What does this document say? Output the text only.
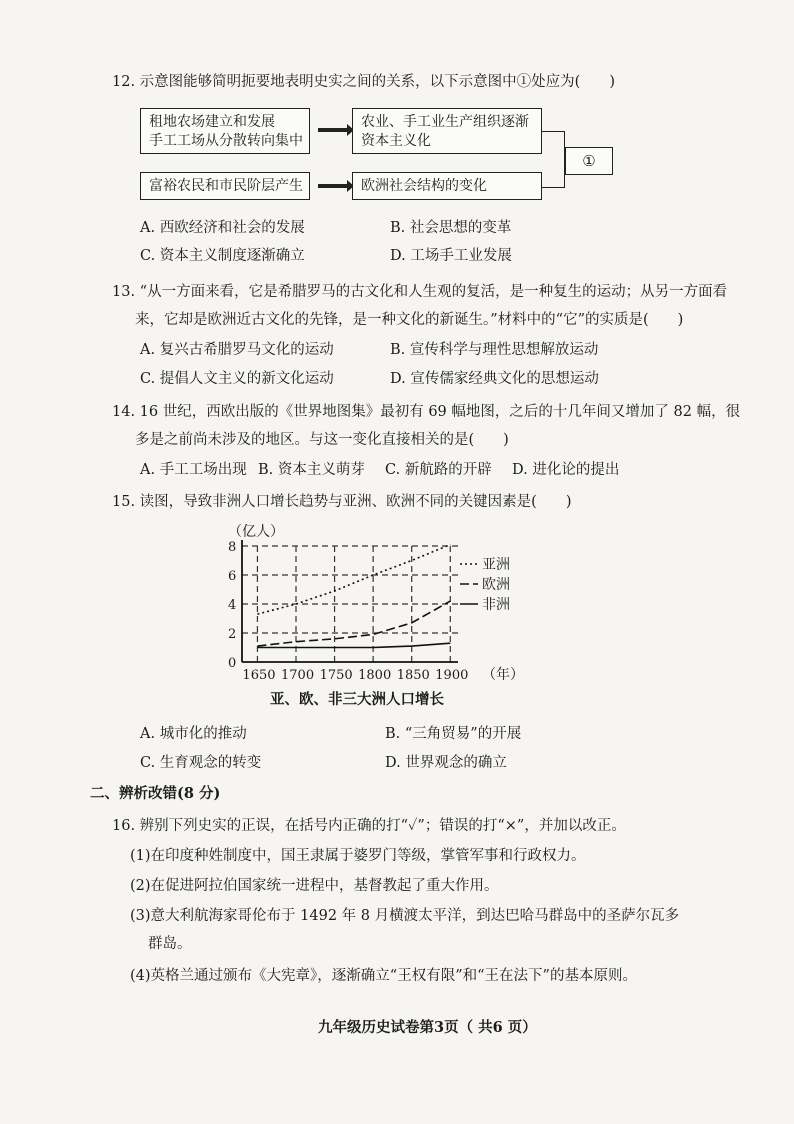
12. 示意图能够简明扼要地表明史实之间的关系，以下示意图中①处应为(　　)
租地农场建立和发展
手工工场从分散转向集中
农业、手工业生产组织逐渐
资本主义化
富裕农民和市民阶层产生	欧洲社会结构的变化
①
A. 西欧经济和社会的发展	B. 社会思想的变革
C. 资本主义制度逐渐确立	D. 工场手工业发展
13. “从一方面来看，它是希腊罗马的古文化和人生观的复活，是一种复生的运动；从另一方面看
来，它却是欧洲近古文化的先锋，是一种文化的新诞生。”材料中的“它”的实质是(　　)
A. 复兴古希腊罗马文化的运动	B. 宣传科学与理性思想解放运动
C. 提倡人文主义的新文化运动	D. 宣传儒家经典文化的思想运动
14. 16 世纪，西欧出版的《世界地图集》最初有 69 幅地图，之后的十几年间又增加了 82 幅，很
多是之前尚未涉及的地区。与这一变化直接相关的是(　　)
A. 手工工场出现 B. 资本主义萌芽 C. 新航路的开辟 D. 进化论的提出
15. 读图，导致非洲人口增长趋势与亚洲、欧洲不同的关键因素是(　　)
（亿人）
0
2
4
6
8
1650 1700 1750 1800 1850 1900
亚洲
欧洲
非洲
（年）
亚、欧、非三大洲人口增长
A. 城市化的推动	B. “三角贸易”的开展
C. 生育观念的转变	D. 世界观念的确立
二、辨析改错(8 分)
16. 辨别下列史实的正误，在括号内正确的打“✓”；错误的打“×”，并加以改正。
(1)在印度种姓制度中，国王隶属于婆罗门等级，掌管军事和行政权力。
(2)在促进阿拉伯国家统一进程中，基督教起了重大作用。
(3)意大利航海家哥伦布于 1492 年 8 月横渡太平洋，到达巴哈马群岛中的圣萨尔瓦多
群岛。
(4)英格兰通过颁布《大宪章》，逐渐确立“王权有限”和“王在法下”的基本原则。
九年级历史试卷第3页（ 共6 页）
